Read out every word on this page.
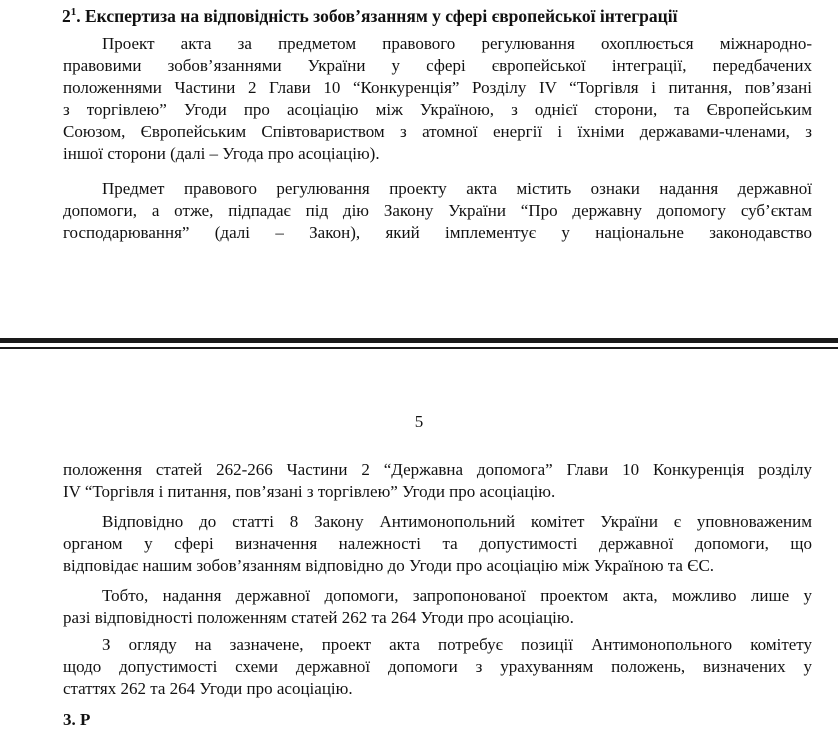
$2^1$. Експертиза на відповідність зобов’язанням у сфері європейської інтеграції

Проект акта за предметом правового регулювання охоплюється міжнародно-
правовими зобов’язаннями України у сфері європейської інтеграції, передбачених
положеннями Частини 2 Глави 10 “Конкуренція” Розділу IV “Торгівля і питання, пов’язані
з торгівлею” Угоди про асоціацію між Україною, з однієї сторони, та Європейським
Союзом, Європейським Співтовариством з атомної енергії і їхніми державами-членами, з
іншої сторони (далі – Угода про асоціацію).

Предмет правового регулювання проекту акта містить ознаки надання державної
допомоги, а отже, підпадає під дію Закону України “Про державну допомогу суб’єктам
господарювання” (далі – Закон), який імплементує у національне законодавство

5

положення статей 262-266 Частини 2 “Державна допомога” Глави 10 Конкуренція розділу
IV “Торгівля і питання, пов’язані з торгівлею” Угоди про асоціацію.

Відповідно до статті 8 Закону Антимонопольний комітет України є уповноваженим
органом у сфері визначення належності та допустимості державної допомоги, що
відповідає нашим зобов’язанням відповідно до Угоди про асоціацію між Україною та ЄС.

Тобто, надання державної допомоги, запропонованої проектом акта, можливо лише у
разі відповідності положенням статей 262 та 264 Угоди про асоціацію.

З огляду на зазначене, проект акта потребує позиції Антимонопольного комітету
щодо допустимості схеми державної допомоги з урахуванням положень, визначених у
статтях 262 та 264 Угоди про асоціацію.

3. Р
